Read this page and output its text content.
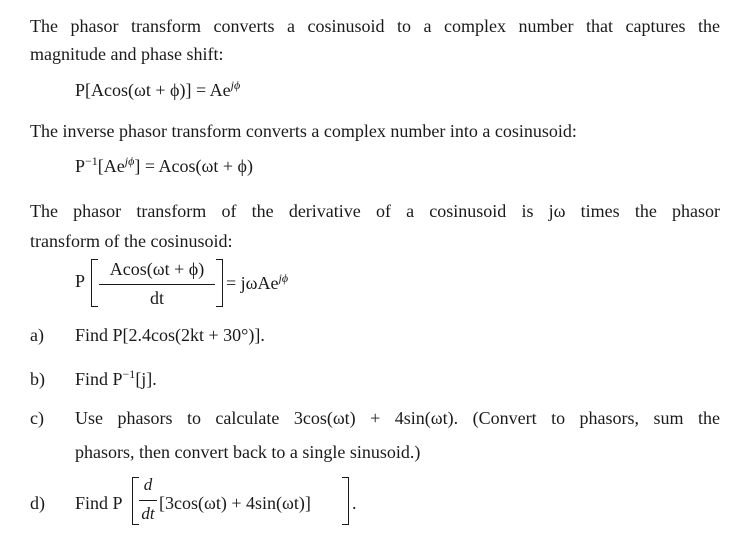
The phasor transform converts a cosinusoid to a complex number that captures the
magnitude and phase shift:
$P[Acos(\omega t + \phi)] = Ae^{j\phi}$
The inverse phasor transform converts a complex number into a cosinusoid:
$P^{-1}[Ae^{j\phi}] = Acos(\omega t + \phi)$
The phasor transform of the derivative of a cosinusoid is jω times the phasor
transform of the cosinusoid:
P
Acos(ωt + ϕ)
dt
= jωAe$^{j\phi}$
a) Find P[2.4cos(2kt + 30°)].
b) Find $P^{-1}[j]$.
c) Use phasors to calculate 3cos(ωt) + 4sin(ωt). (Convert to phasors, sum the
phasors, then convert back to a single sinusoid.)
d) Find P
d
dt
[3cos(ωt) + 4sin(ωt)] .
